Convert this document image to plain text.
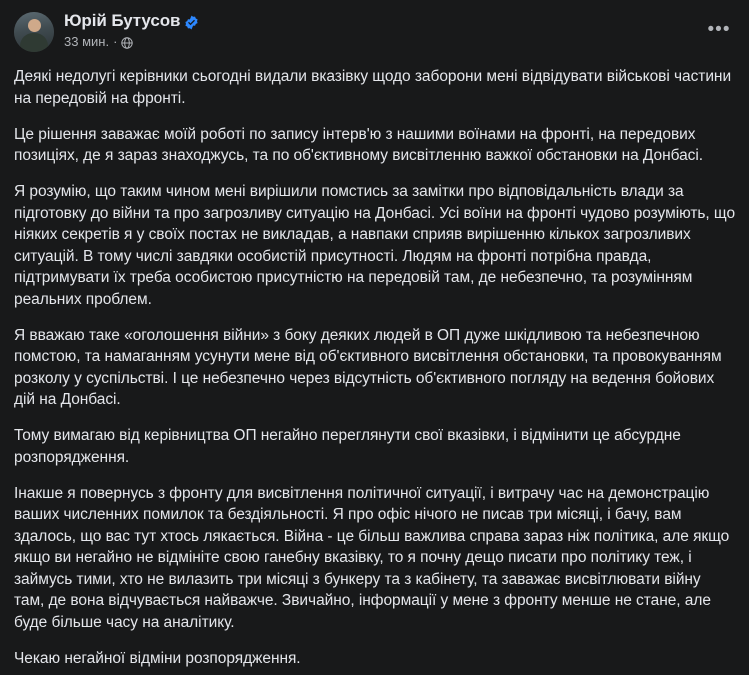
Юрій Бутусов
33 мин. ·
•••

Деякі недолугі керівники сьогодні видали вказівку щодо заборони мені відвідувати військові частини на передовій на фронті.

Це рішення заважає моїй роботі по запису інтерв'ю з нашими воїнами на фронті, на передових позиціях, де я зараз знаходжусь, та по об'єктивному висвітленню важкої обстановки на Донбасі.

Я розумію, що таким чином мені вирішили помстись за замітки про відповідальність влади за підготовку до війни та про загрозливу ситуацію на Донбасі. Усі воїни на фронті чудово розуміють, що ніяких секретів я у своїх постах не викладав, а навпаки сприяв вирішенню кількох загрозливих ситуацій. В тому числі завдяки особистій присутності. Людям на фронті потрібна правда, підтримувати їх треба особистою присутністю на передовій там, де небезпечно, та розумінням реальних проблем.

Я вважаю таке «оголошення війни» з боку деяких людей в ОП дуже шкідливою та небезпечною помстою, та намаганням усунути мене від об'єктивного висвітлення обстановки, та провокуванням розколу у суспільстві. І це небезпечно через відсутність об'єктивного погляду на ведення бойових дій на Донбасі.

Тому вимагаю від керівництва ОП негайно переглянути свої вказівки, і відмінити це абсурдне розпорядження.

Інакше я повернусь з фронту для висвітлення політичної ситуації, і витрачу час на демонстрацію ваших численних помилок та бездіяльності. Я про офіс нічого не писав три місяці, і бачу, вам здалось, що вас тут хтось лякається. Війна - це більш важлива справа зараз ніж політика, але якщо якщо ви негайно не відмініте свою ганебну вказівку, то я почну дещо писати про політику теж, і займусь тими, хто не вилазить три місяці з бункеру та з кабінету, та заважає висвітлювати війну там, де вона відчувається найважче. Звичайно, інформації у мене з фронту менше не стане, але буде більше часу на аналітику.

Чекаю негайної відміни розпорядження.
